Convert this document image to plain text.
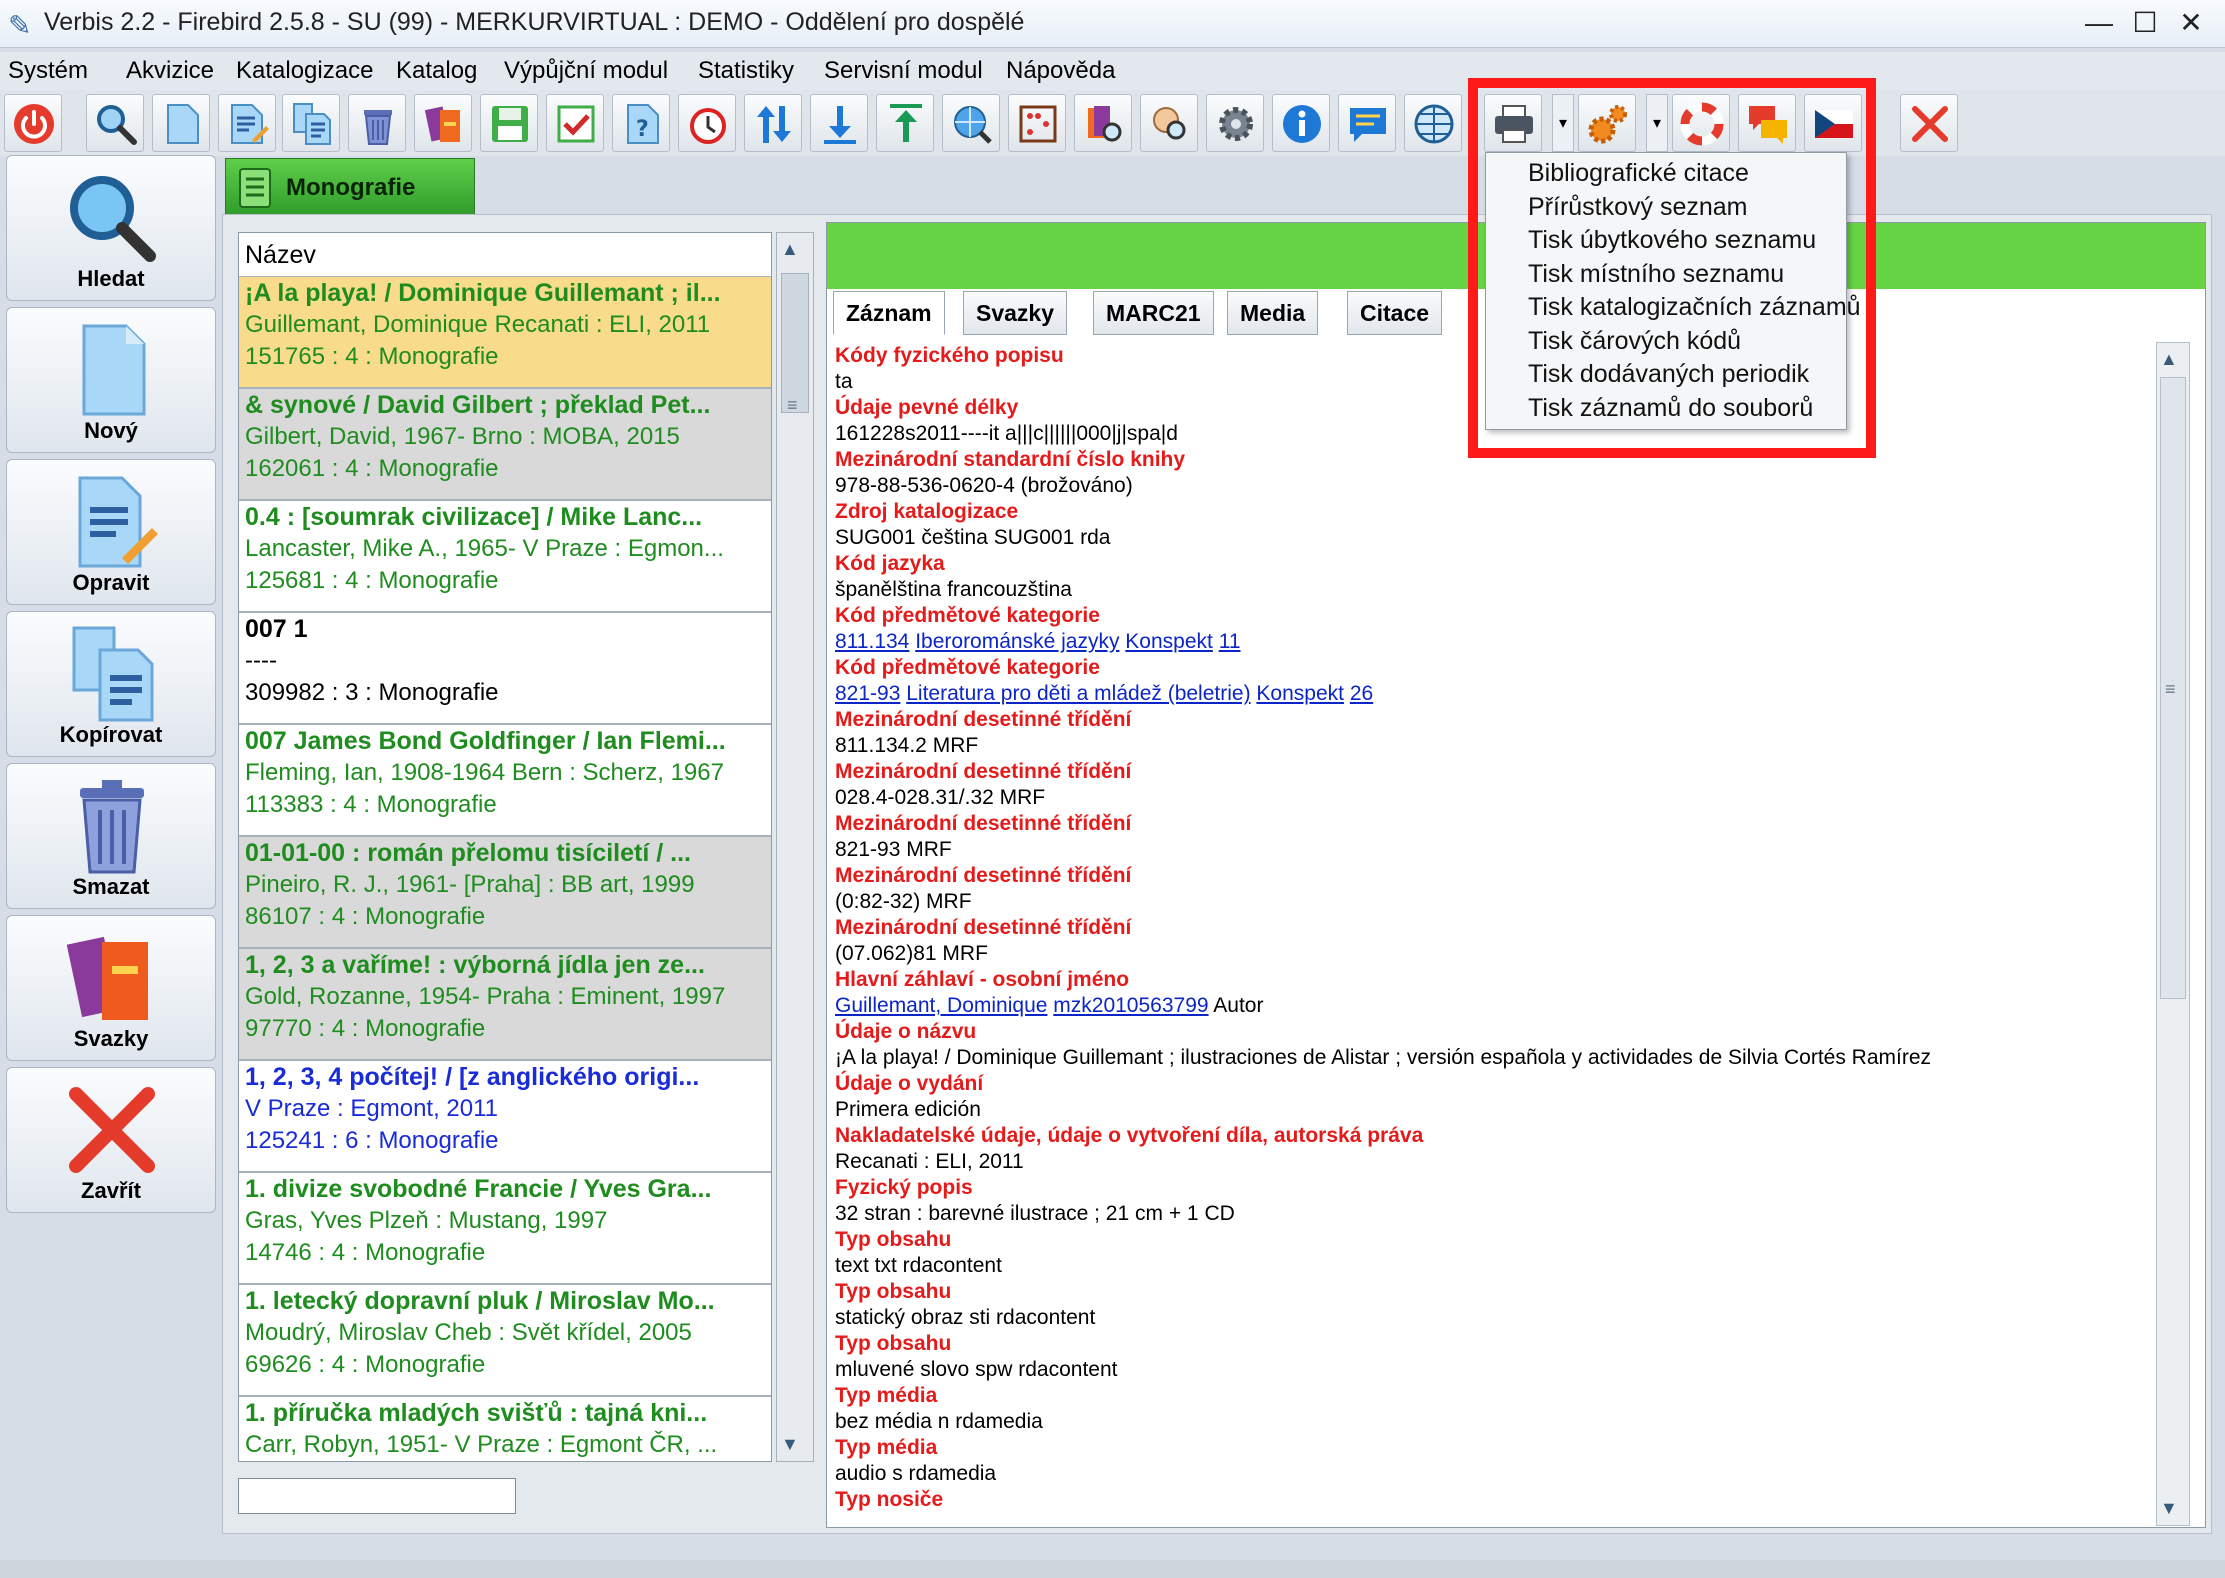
✎ Verbis 2.2 - Firebird 2.5.8 - SU (99) - MERKURVIRTUAL : DEMO - Oddělení pro dospělé	— ☐ ✕
Systém Akvizice Katalogizace Katalog Výpůjční modul Statistiky Servisní modul Nápověda
?	▾	▾
Hledat
Nový
Opravit
Kopírovat
Smazat
Svazky
Zavřít
Monografie
Název
¡A la playa! / Dominique Guillemant ; il...
Guillemant, Dominique Recanati : ELI, 2011
151765 : 4 : Monografie
& synové / David Gilbert ; překlad Pet...
Gilbert, David, 1967- Brno : MOBA, 2015
162061 : 4 : Monografie
0.4 : [soumrak civilizace] / Mike Lanc...
Lancaster, Mike A., 1965- V Praze : Egmon...
125681 : 4 : Monografie
007 1
----
309982 : 3 : Monografie
007 James Bond Goldfinger / Ian Flemi...
Fleming, Ian, 1908-1964 Bern : Scherz, 1967
113383 : 4 : Monografie
01-01-00 : román přelomu tisíciletí / ...
Pineiro, R. J., 1961- [Praha] : BB art, 1999
86107 : 4 : Monografie
1, 2, 3 a vaříme! : výborná jídla jen ze...
Gold, Rozanne, 1954- Praha : Eminent, 1997
97770 : 4 : Monografie
1, 2, 3, 4 počítej! / [z anglického origi...
V Praze : Egmont, 2011
125241 : 6 : Monografie
1. divize svobodné Francie / Yves Gra...
Gras, Yves Plzeň : Mustang, 1997
14746 : 4 : Monografie
1. letecký dopravní pluk / Miroslav Mo...
Moudrý, Miroslav Cheb : Svět křídel, 2005
69626 : 4 : Monografie
1. příručka mladých svišťů : tajná kni...
Carr, Robyn, 1951- V Praze : Egmont ČR, ...
▲
≡
▼
Záznam	Svazky	MARC21	Media	Citace
Kódy fyzického popisu
ta
Údaje pevné délky
161228s2011----it a|||c||||||000|j|spa|d
Mezinárodní standardní číslo knihy
978-88-536-0620-4 (brožováno)
Zdroj katalogizace
SUG001 čeština SUG001 rda
Kód jazyka
španělština francouzština
Kód předmětové kategorie
811.134 Iberorománské jazyky Konspekt 11
Kód předmětové kategorie
821-93 Literatura pro děti a mládež (beletrie) Konspekt 26
Mezinárodní desetinné třídění
811.134.2 MRF
Mezinárodní desetinné třídění
028.4-028.31/.32 MRF
Mezinárodní desetinné třídění
821-93 MRF
Mezinárodní desetinné třídění
(0:82-32) MRF
Mezinárodní desetinné třídění
(07.062)81 MRF
Hlavní záhlaví - osobní jméno
Guillemant, Dominique mzk2010563799 Autor
Údaje o názvu
¡A la playa! / Dominique Guillemant ; ilustraciones de Alistar ; versión española y actividades de Silvia Cortés Ramírez
Údaje o vydání
Primera edición
Nakladatelské údaje, údaje o vytvoření díla, autorská práva
Recanati : ELI, 2011
Fyzický popis
32 stran : barevné ilustrace ; 21 cm + 1 CD
Typ obsahu
text txt rdacontent
Typ obsahu
statický obraz sti rdacontent
Typ obsahu
mluvené slovo spw rdacontent
Typ média
bez média n rdamedia
Typ média
audio s rdamedia
Typ nosiče
▲
≡
▼
Bibliografické citace
Přírůstkový seznam
Tisk úbytkového seznamu
Tisk místního seznamu
Tisk katalogizačních záznamů
Tisk čárových kódů
Tisk dodávaných periodik
Tisk záznamů do souborů
